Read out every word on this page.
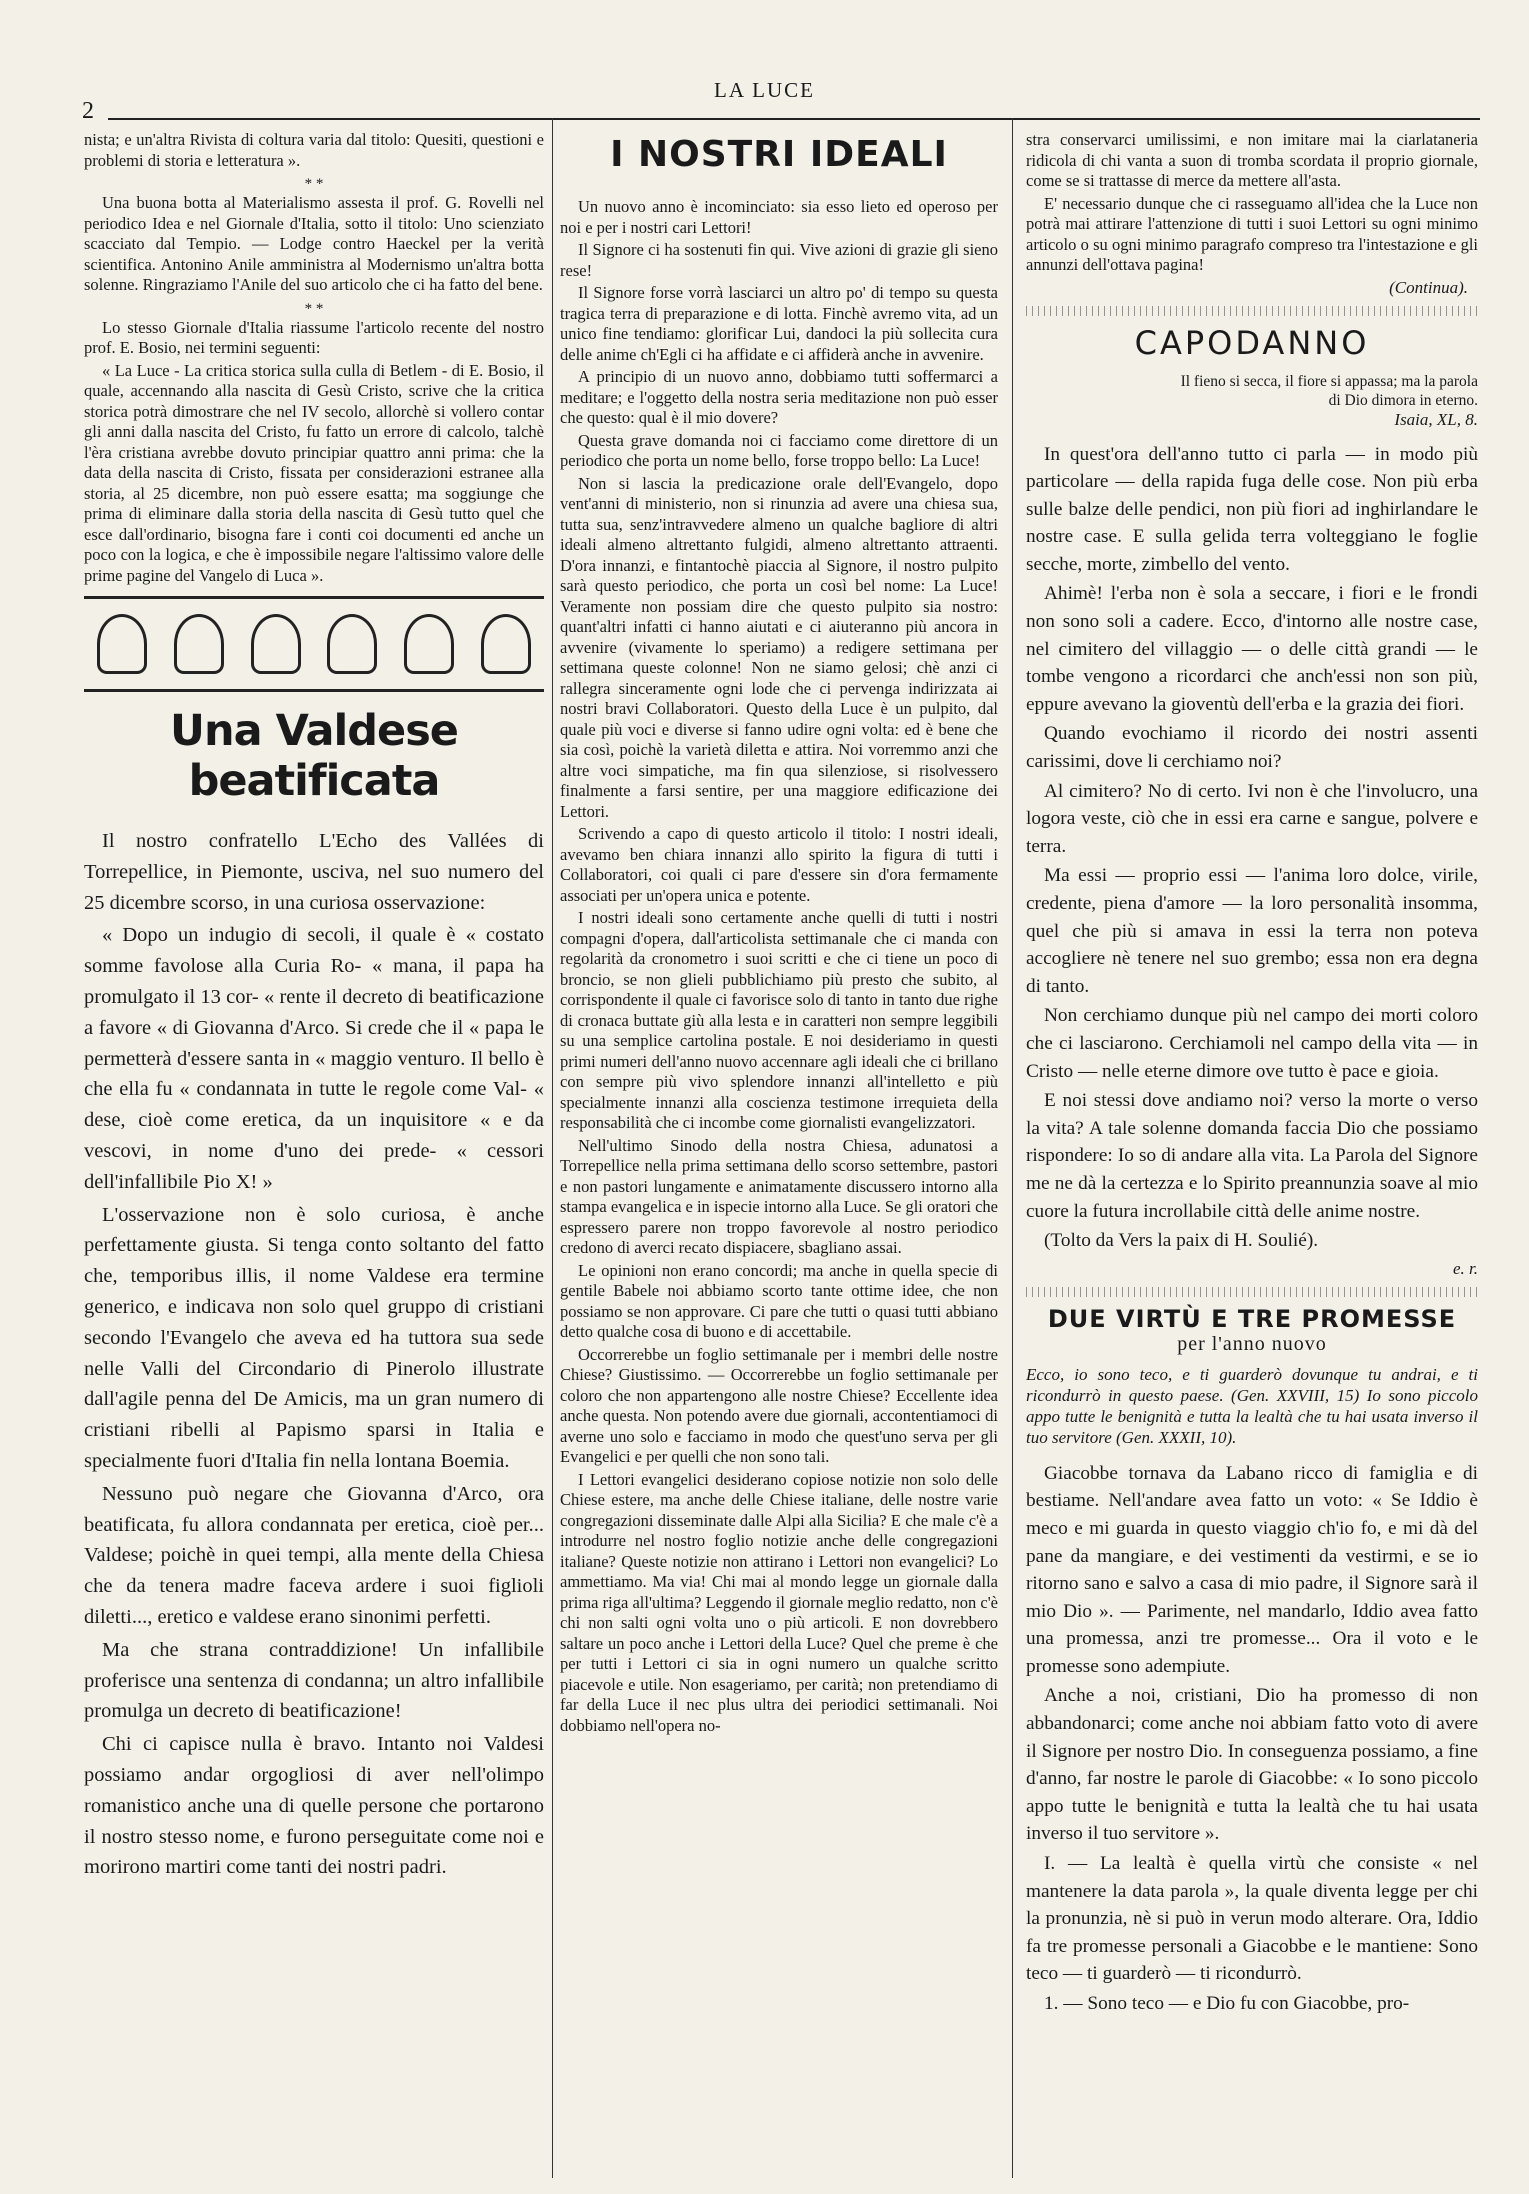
LA LUCE
2

nista; e un'altra Rivista di coltura varia dal titolo: Quesiti, questioni e problemi di storia e letteratura ».

* *

Una buona botta al Materialismo assesta il prof. G. Rovelli nel periodico Idea e nel Giornale d'Italia, sotto il titolo: Uno scienziato scacciato dal Tempio. — Lodge contro Haeckel per la verità scientifica. Antonino Anile amministra al Modernismo un'altra botta solenne. Ringraziamo l'Anile del suo articolo che ci ha fatto del bene.

* *

Lo stesso Giornale d'Italia riassume l'articolo recente del nostro prof. E. Bosio, nei termini seguenti:

« La Luce - La critica storica sulla culla di Betlem - di E. Bosio, il quale, accennando alla nascita di Gesù Cristo, scrive che la critica storica potrà dimostrare che nel IV secolo, allorchè si vollero contar gli anni dalla nascita del Cristo, fu fatto un errore di calcolo, talchè l'èra cristiana avrebbe dovuto principiar quattro anni prima: che la data della nascita di Cristo, fissata per considerazioni estranee alla storia, al 25 dicembre, non può essere esatta; ma soggiunge che prima di eliminare dalla storia della nascita di Gesù tutto quel che esce dall'ordinario, bisogna fare i conti coi documenti ed anche un poco con la logica, e che è impossibile negare l'altissimo valore delle prime pagine del Vangelo di Luca ».

Una Valdese beatificata

Il nostro confratello L'Echo des Vallées di Torrepellice, in Piemonte, usciva, nel suo numero del 25 dicembre scorso, in una curiosa osservazione:

« Dopo un indugio di secoli, il quale è « costato somme favolose alla Curia Ro- « mana, il papa ha promulgato il 13 cor- « rente il decreto di beatificazione a favore « di Giovanna d'Arco. Si crede che il « papa le permetterà d'essere santa in « maggio venturo. Il bello è che ella fu « condannata in tutte le regole come Val- « dese, cioè come eretica, da un inquisitore « e da vescovi, in nome d'uno dei prede- « cessori dell'infallibile Pio X! »

L'osservazione non è solo curiosa, è anche perfettamente giusta. Si tenga conto soltanto del fatto che, temporibus illis, il nome Valdese era termine generico, e indicava non solo quel gruppo di cristiani secondo l'Evangelo che aveva ed ha tuttora sua sede nelle Valli del Circondario di Pinerolo illustrate dall'agile penna del De Amicis, ma un gran numero di cristiani ribelli al Papismo sparsi in Italia e specialmente fuori d'Italia fin nella lontana Boemia.

Nessuno può negare che Giovanna d'Arco, ora beatificata, fu allora condannata per eretica, cioè per... Valdese; poichè in quei tempi, alla mente della Chiesa che da tenera madre faceva ardere i suoi figlioli diletti..., eretico e valdese erano sinonimi perfetti.

Ma che strana contraddizione! Un infallibile proferisce una sentenza di condanna; un altro infallibile promulga un decreto di beatificazione!

Chi ci capisce nulla è bravo. Intanto noi Valdesi possiamo andar orgogliosi di aver nell'olimpo romanistico anche una di quelle persone che portarono il nostro stesso nome, e furono perseguitate come noi e morirono martiri come tanti dei nostri padri.

I NOSTRI IDEALI

Un nuovo anno è incominciato: sia esso lieto ed operoso per noi e per i nostri cari Lettori!

Il Signore ci ha sostenuti fin qui. Vive azioni di grazie gli sieno rese!

Il Signore forse vorrà lasciarci un altro po' di tempo su questa tragica terra di preparazione e di lotta. Finchè avremo vita, ad un unico fine tendiamo: glorificar Lui, dandoci la più sollecita cura delle anime ch'Egli ci ha affidate e ci affiderà anche in avvenire.

A principio di un nuovo anno, dobbiamo tutti soffermarci a meditare; e l'oggetto della nostra seria meditazione non può esser che questo: qual è il mio dovere?

Questa grave domanda noi ci facciamo come direttore di un periodico che porta un nome bello, forse troppo bello: La Luce!

Non si lascia la predicazione orale dell'Evangelo, dopo vent'anni di ministerio, non si rinunzia ad avere una chiesa sua, tutta sua, senz'intravvedere almeno un qualche bagliore di altri ideali almeno altrettanto fulgidi, almeno altrettanto attraenti. D'ora innanzi, e fintantochè piaccia al Signore, il nostro pulpito sarà questo periodico, che porta un così bel nome: La Luce! Veramente non possiam dire che questo pulpito sia nostro: quant'altri infatti ci hanno aiutati e ci aiuteranno più ancora in avvenire (vivamente lo speriamo) a redigere settimana per settimana queste colonne! Non ne siamo gelosi; chè anzi ci rallegra sinceramente ogni lode che ci pervenga indirizzata ai nostri bravi Collaboratori. Questo della Luce è un pulpito, dal quale più voci e diverse si fanno udire ogni volta: ed è bene che sia così, poichè la varietà diletta e attira. Noi vorremmo anzi che altre voci simpatiche, ma fin qua silenziose, si risolvessero finalmente a farsi sentire, per una maggiore edificazione dei Lettori.

Scrivendo a capo di questo articolo il titolo: I nostri ideali, avevamo ben chiara innanzi allo spirito la figura di tutti i Collaboratori, coi quali ci pare d'essere sin d'ora fermamente associati per un'opera unica e potente.

I nostri ideali sono certamente anche quelli di tutti i nostri compagni d'opera, dall'articolista settimanale che ci manda con regolarità da cronometro i suoi scritti e che ci tiene un poco di broncio, se non glieli pubblichiamo più presto che subito, al corrispondente il quale ci favorisce solo di tanto in tanto due righe di cronaca buttate giù alla lesta e in caratteri non sempre leggibili su una semplice cartolina postale. E noi desideriamo in questi primi numeri dell'anno nuovo accennare agli ideali che ci brillano con sempre più vivo splendore innanzi all'intelletto e più specialmente innanzi alla coscienza testimone irrequieta della responsabilità che ci incombe come giornalisti evangelizzatori.

Nell'ultimo Sinodo della nostra Chiesa, adunatosi a Torrepellice nella prima settimana dello scorso settembre, pastori e non pastori lungamente e animatamente discussero intorno alla stampa evangelica e in ispecie intorno alla Luce. Se gli oratori che espressero parere non troppo favorevole al nostro periodico credono di averci recato dispiacere, sbagliano assai.

Le opinioni non erano concordi; ma anche in quella specie di gentile Babele noi abbiamo scorto tante ottime idee, che non possiamo se non approvare. Ci pare che tutti o quasi tutti abbiano detto qualche cosa di buono e di accettabile.

Occorrerebbe un foglio settimanale per i membri delle nostre Chiese? Giustissimo. — Occorrerebbe un foglio settimanale per coloro che non appartengono alle nostre Chiese? Eccellente idea anche questa. Non potendo avere due giornali, accontentiamoci di averne uno solo e facciamo in modo che quest'uno serva per gli Evangelici e per quelli che non sono tali.

I Lettori evangelici desiderano copiose notizie non solo delle Chiese estere, ma anche delle Chiese italiane, delle nostre varie congregazioni disseminate dalle Alpi alla Sicilia? E che male c'è a introdurre nel nostro foglio notizie anche delle congregazioni italiane? Queste notizie non attirano i Lettori non evangelici? Lo ammettiamo. Ma via! Chi mai al mondo legge un giornale dalla prima riga all'ultima? Leggendo il giornale meglio redatto, non c'è chi non salti ogni volta uno o più articoli. E non dovrebbero saltare un poco anche i Lettori della Luce? Quel che preme è che per tutti i Lettori ci sia in ogni numero un qualche scritto piacevole e utile. Non esageriamo, per carità; non pretendiamo di far della Luce il nec plus ultra dei periodici settimanali. Noi dobbiamo nell'opera no-

stra conservarci umilissimi, e non imitare mai la ciarlataneria ridicola di chi vanta a suon di tromba scordata il proprio giornale, come se si trattasse di merce da mettere all'asta.

E' necessario dunque che ci rasseguamo all'idea che la Luce non potrà mai attirare l'attenzione di tutti i suoi Lettori su ogni minimo articolo o su ogni minimo paragrafo compreso tra l'intestazione e gli annunzi dell'ottava pagina!

(Continua).
CAPODANNO
Il fieno si secca, il fiore si appassa; ma la parola di Dio dimora in eterno.
Isaia, XL, 8.

In quest'ora dell'anno tutto ci parla — in modo più particolare — della rapida fuga delle cose. Non più erba sulle balze delle pendici, non più fiori ad inghirlandare le nostre case. E sulla gelida terra volteggiano le foglie secche, morte, zimbello del vento.

Ahimè! l'erba non è sola a seccare, i fiori e le frondi non sono soli a cadere. Ecco, d'intorno alle nostre case, nel cimitero del villaggio — o delle città grandi — le tombe vengono a ricordarci che anch'essi non son più, eppure avevano la gioventù dell'erba e la grazia dei fiori.

Quando evochiamo il ricordo dei nostri assenti carissimi, dove li cerchiamo noi?

Al cimitero? No di certo. Ivi non è che l'involucro, una logora veste, ciò che in essi era carne e sangue, polvere e terra.

Ma essi — proprio essi — l'anima loro dolce, virile, credente, piena d'amore — la loro personalità insomma, quel che più si amava in essi la terra non poteva accogliere nè tenere nel suo grembo; essa non era degna di tanto.

Non cerchiamo dunque più nel campo dei morti coloro che ci lasciarono. Cerchiamoli nel campo della vita — in Cristo — nelle eterne dimore ove tutto è pace e gioia.

E noi stessi dove andiamo noi? verso la morte o verso la vita? A tale solenne domanda faccia Dio che possiamo rispondere: Io so di andare alla vita. La Parola del Signore me ne dà la certezza e lo Spirito preannunzia soave al mio cuore la futura incrollabile città delle anime nostre.

(Tolto da Vers la paix di H. Soulié).

e. r.
DUE VIRTÙ E TRE PROMESSE
per l'anno nuovo
Ecco, io sono teco, e ti guarderò dovunque tu andrai, e ti ricondurrò in questo paese. (Gen. XXVIII, 15) Io sono piccolo appo tutte le benignità e tutta la lealtà che tu hai usata inverso il tuo servitore (Gen. XXXII, 10).

Giacobbe tornava da Labano ricco di famiglia e di bestiame. Nell'andare avea fatto un voto: « Se Iddio è meco e mi guarda in questo viaggio ch'io fo, e mi dà del pane da mangiare, e dei vestimenti da vestirmi, e se io ritorno sano e salvo a casa di mio padre, il Signore sarà il mio Dio ». — Parimente, nel mandarlo, Iddio avea fatto una promessa, anzi tre promesse... Ora il voto e le promesse sono adempiute.

Anche a noi, cristiani, Dio ha promesso di non abbandonarci; come anche noi abbiam fatto voto di avere il Signore per nostro Dio. In conseguenza possiamo, a fine d'anno, far nostre le parole di Giacobbe: « Io sono piccolo appo tutte le benignità e tutta la lealtà che tu hai usata inverso il tuo servitore ».

I. — La lealtà è quella virtù che consiste « nel mantenere la data parola », la quale diventa legge per chi la pronunzia, nè si può in verun modo alterare. Ora, Iddio fa tre promesse personali a Giacobbe e le mantiene: Sono teco — ti guarderò — ti ricondurrò.

1. — Sono teco — e Dio fu con Giacobbe, pro-
